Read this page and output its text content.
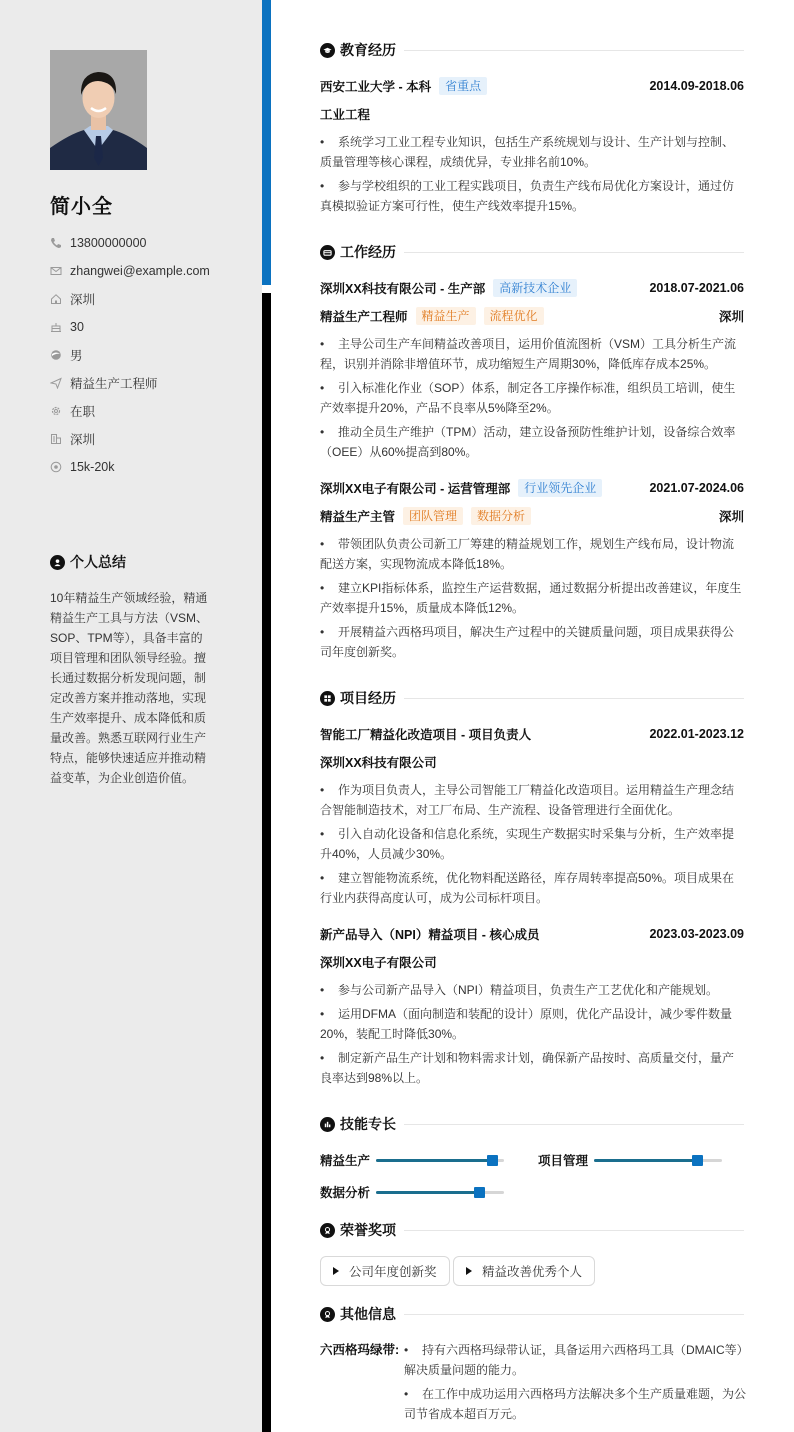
简小全
13800000000
zhangwei@example.com
深圳
30
男
精益生产工程师
在职
深圳
15k-20k
个人总结
10年精益生产领域经验，精通精益生产工具与方法（VSM、SOP、TPM等），具备丰富的项目管理和团队领导经验。擅长通过数据分析发现问题，制定改善方案并推动落地，实现生产效率提升、成本降低和质量改善。熟悉互联网行业生产特点，能够快速适应并推动精益变革，为企业创造价值。
教育经历
西安工业大学 - 本科	省重点	2014.09-2018.06
工业工程
• 系统学习工业工程专业知识，包括生产系统规划与设计、生产计划与控制、质量管理等核心课程，成绩优异，专业排名前10%。
• 参与学校组织的工业工程实践项目，负责生产线布局优化方案设计，通过仿真模拟验证方案可行性，使生产线效率提升15%。
工作经历
深圳XX科技有限公司 - 生产部	高新技术企业	2018.07-2021.06
精益生产工程师	精益生产	流程优化	深圳
• 主导公司生产车间精益改善项目，运用价值流图析（VSM）工具分析生产流程，识别并消除非增值环节，成功缩短生产周期30%，降低库存成本25%。
• 引入标准化作业（SOP）体系，制定各工序操作标准，组织员工培训，使生产效率提升20%，产品不良率从5%降至2%。
• 推动全员生产维护（TPM）活动，建立设备预防性维护计划，设备综合效率（OEE）从60%提高到80%。
深圳XX电子有限公司 - 运营管理部	行业领先企业	2021.07-2024.06
精益生产主管	团队管理	数据分析	深圳
• 带领团队负责公司新工厂筹建的精益规划工作，规划生产线布局，设计物流配送方案，实现物流成本降低18%。
• 建立KPI指标体系，监控生产运营数据，通过数据分析提出改善建议，年度生产效率提升15%，质量成本降低12%。
• 开展精益六西格玛项目，解决生产过程中的关键质量问题，项目成果获得公司年度创新奖。
项目经历
智能工厂精益化改造项目 - 项目负责人	2022.01-2023.12
深圳XX科技有限公司
• 作为项目负责人，主导公司智能工厂精益化改造项目。运用精益生产理念结合智能制造技术，对工厂布局、生产流程、设备管理进行全面优化。
• 引入自动化设备和信息化系统，实现生产数据实时采集与分析，生产效率提升40%，人员减少30%。
• 建立智能物流系统，优化物料配送路径，库存周转率提高50%。项目成果在行业内获得高度认可，成为公司标杆项目。
新产品导入（NPI）精益项目 - 核心成员	2023.03-2023.09
深圳XX电子有限公司
• 参与公司新产品导入（NPI）精益项目，负责生产工艺优化和产能规划。
• 运用DFMA（面向制造和装配的设计）原则，优化产品设计，减少零件数量20%，装配工时降低30%。
• 制定新产品生产计划和物料需求计划，确保新产品按时、高质量交付，量产良率达到98%以上。
技能专长
精益生产	项目管理
数据分析
荣誉奖项
公司年度创新奖	精益改善优秀个人
其他信息
六西格玛绿带: • 持有六西格玛绿带认证，具备运用六西格玛工具（DMAIC等）解决质量问题的能力。
• 在工作中成功运用六西格玛方法解决多个生产质量难题，为公司节省成本超百万元。
